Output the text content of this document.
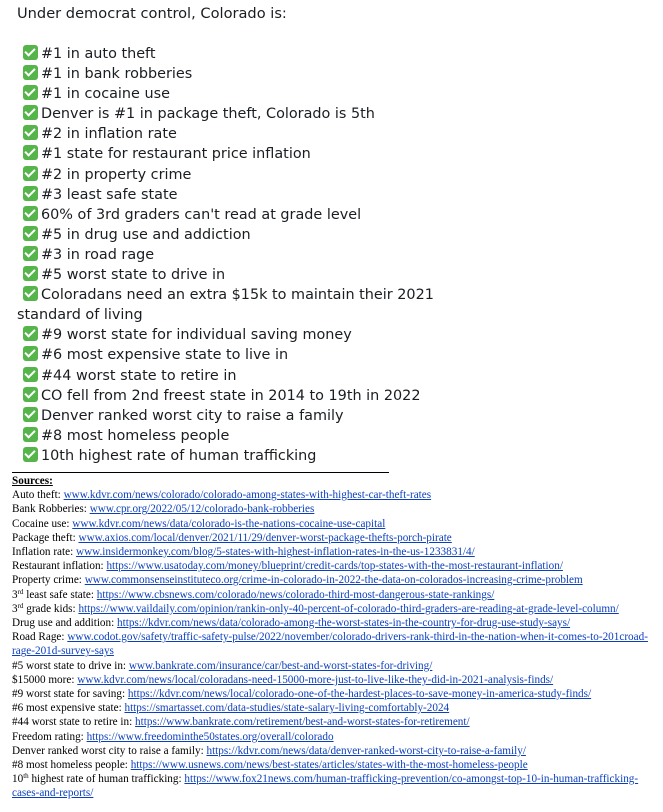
Under democrat control, Colorado is:
#1 in auto theft
#1 in bank robberies
#1 in cocaine use
Denver is #1 in package theft, Colorado is 5th
#2 in inflation rate
#1 state for restaurant price inflation
#2 in property crime
#3 least safe state
60% of 3rd graders can't read at grade level
#5 in drug use and addiction
#3 in road rage
#5 worst state to drive in
Coloradans need an extra $15k to maintain their 2021 standard of living
#9 worst state for individual saving money
#6 most expensive state to live in
#44 worst state to retire in
CO fell from 2nd freest state in 2014 to 19th in 2022
Denver ranked worst city to raise a family
#8 most homeless people
10th highest rate of human trafficking
Sources:
Auto theft: www.kdvr.com/news/colorado/colorado-among-states-with-highest-car-theft-rates
Bank Robberies: www.cpr.org/2022/05/12/colorado-bank-robberies
Cocaine use: www.kdvr.com/news/data/colorado-is-the-nations-cocaine-use-capital
Package theft: www.axios.com/local/denver/2021/11/29/denver-worst-package-thefts-porch-pirate
Inflation rate: www.insidermonkey.com/blog/5-states-with-highest-inflation-rates-in-the-us-1233831/4/
Restaurant inflation: https://www.usatoday.com/money/blueprint/credit-cards/top-states-with-the-most-restaurant-inflation/
Property crime: www.commonsenseinstituteco.org/crime-in-colorado-in-2022-the-data-on-colorados-increasing-crime-problem
3rd least safe state: https://www.cbsnews.com/colorado/news/colorado-third-most-dangerous-state-rankings/
3rd grade kids: https://www.vaildaily.com/opinion/rankin-only-40-percent-of-colorado-third-graders-are-reading-at-grade-level-column/
Drug use and addition: https://kdvr.com/news/data/colorado-among-the-worst-states-in-the-country-for-drug-use-study-says/
Road Rage: www.codot.gov/safety/traffic-safety-pulse/2022/november/colorado-drivers-rank-third-in-the-nation-when-it-comes-to-201croad-rage-201d-survey-says
#5 worst state to drive in: www.bankrate.com/insurance/car/best-and-worst-states-for-driving/
$15000 more: www.kdvr.com/news/local/coloradans-need-15000-more-just-to-live-like-they-did-in-2021-analysis-finds/
#9 worst state for saving: https://kdvr.com/news/local/colorado-one-of-the-hardest-places-to-save-money-in-america-study-finds/
#6 most expensive state: https://smartasset.com/data-studies/state-salary-living-comfortably-2024
#44 worst state to retire in: https://www.bankrate.com/retirement/best-and-worst-states-for-retirement/
Freedom rating: https://www.freedominthe50states.org/overall/colorado
Denver ranked worst city to raise a family: https://kdvr.com/news/data/denver-ranked-worst-city-to-raise-a-family/
#8 most homeless people: https://www.usnews.com/news/best-states/articles/states-with-the-most-homeless-people
10th highest rate of human trafficking: https://www.fox21news.com/human-trafficking-prevention/co-amongst-top-10-in-human-trafficking-cases-and-reports/
